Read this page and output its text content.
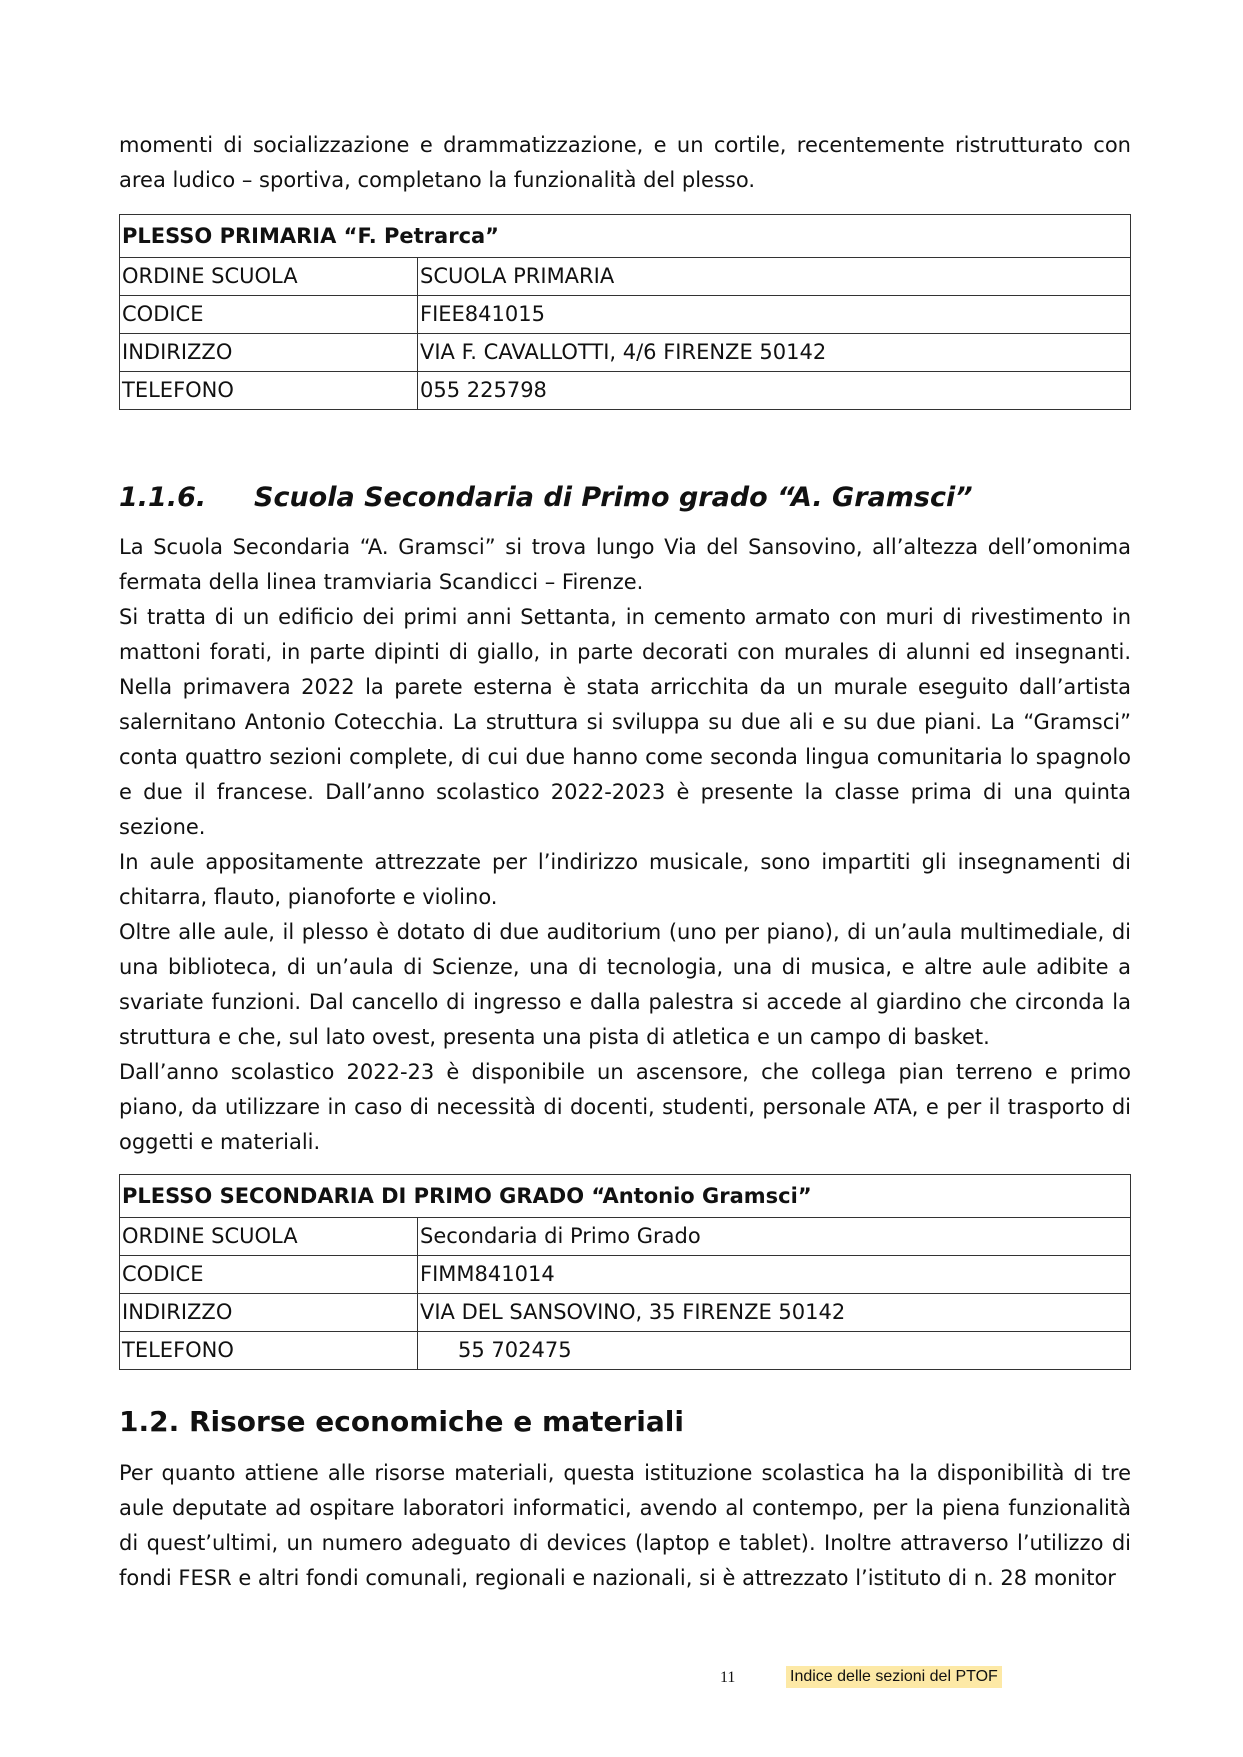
momenti di socializzazione e drammatizzazione, e un cortile, recentemente ristrutturato con area ludico – sportiva, completano la funzionalità del plesso.

PLESSO PRIMARIA “F. Petrarca”	
ORDINE SCUOLA	SCUOLA PRIMARIA
CODICE	FIEE841015
INDIRIZZO	VIA F. CAVALLOTTI, 4/6 FIRENZE 50142
TELEFONO	055 225798
1.1.6.	Scuola Secondaria di Primo grado “A. Gramsci”

La Scuola Secondaria “A. Gramsci” si trova lungo Via del Sansovino, all’altezza dell’omonima fermata della linea tramviaria Scandicci – Firenze.

Si tratta di un edificio dei primi anni Settanta, in cemento armato con muri di rivestimento in mattoni forati, in parte dipinti di giallo, in parte decorati con murales di alunni ed insegnanti. Nella primavera 2022 la parete esterna è stata arricchita da un murale eseguito dall’artista salernitano Antonio Cotecchia. La struttura si sviluppa su due ali e su due piani. La “Gramsci” conta quattro sezioni complete, di cui due hanno come seconda lingua comunitaria lo spagnolo e due il francese. Dall’anno scolastico 2022-2023 è presente la classe prima di una quinta sezione.

In aule appositamente attrezzate per l’indirizzo musicale, sono impartiti gli insegnamenti di chitarra, flauto, pianoforte e violino.

Oltre alle aule, il plesso è dotato di due auditorium (uno per piano), di un’aula multimediale, di una biblioteca, di un’aula di Scienze, una di tecnologia, una di musica, e altre aule adibite a svariate funzioni. Dal cancello di ingresso e dalla palestra si accede al giardino che circonda la struttura e che, sul lato ovest, presenta una pista di atletica e un campo di basket.

Dall’anno scolastico 2022-23 è disponibile un ascensore, che collega pian terreno e primo piano, da utilizzare in caso di necessità di docenti, studenti, personale ATA, e per il trasporto di oggetti e materiali.

PLESSO SECONDARIA DI PRIMO GRADO “Antonio Gramsci”	
ORDINE SCUOLA	Secondaria di Primo Grado
CODICE	FIMM841014
INDIRIZZO	VIA DEL SANSOVINO, 35 FIRENZE 50142
TELEFONO	55 702475
1.2. Risorse economiche e materiali

Per quanto attiene alle risorse materiali, questa istituzione scolastica ha la disponibilità di tre aule deputate ad ospitare laboratori informatici, avendo al contempo, per la piena funzionalità di quest’ultimi, un numero adeguato di devices (laptop e tablet). Inoltre attraverso l’utilizzo di fondi FESR e altri fondi comunali, regionali e nazionali, si è attrezzato l’istituto di n. 28 monitor

11	Indice delle sezioni del PTOF
